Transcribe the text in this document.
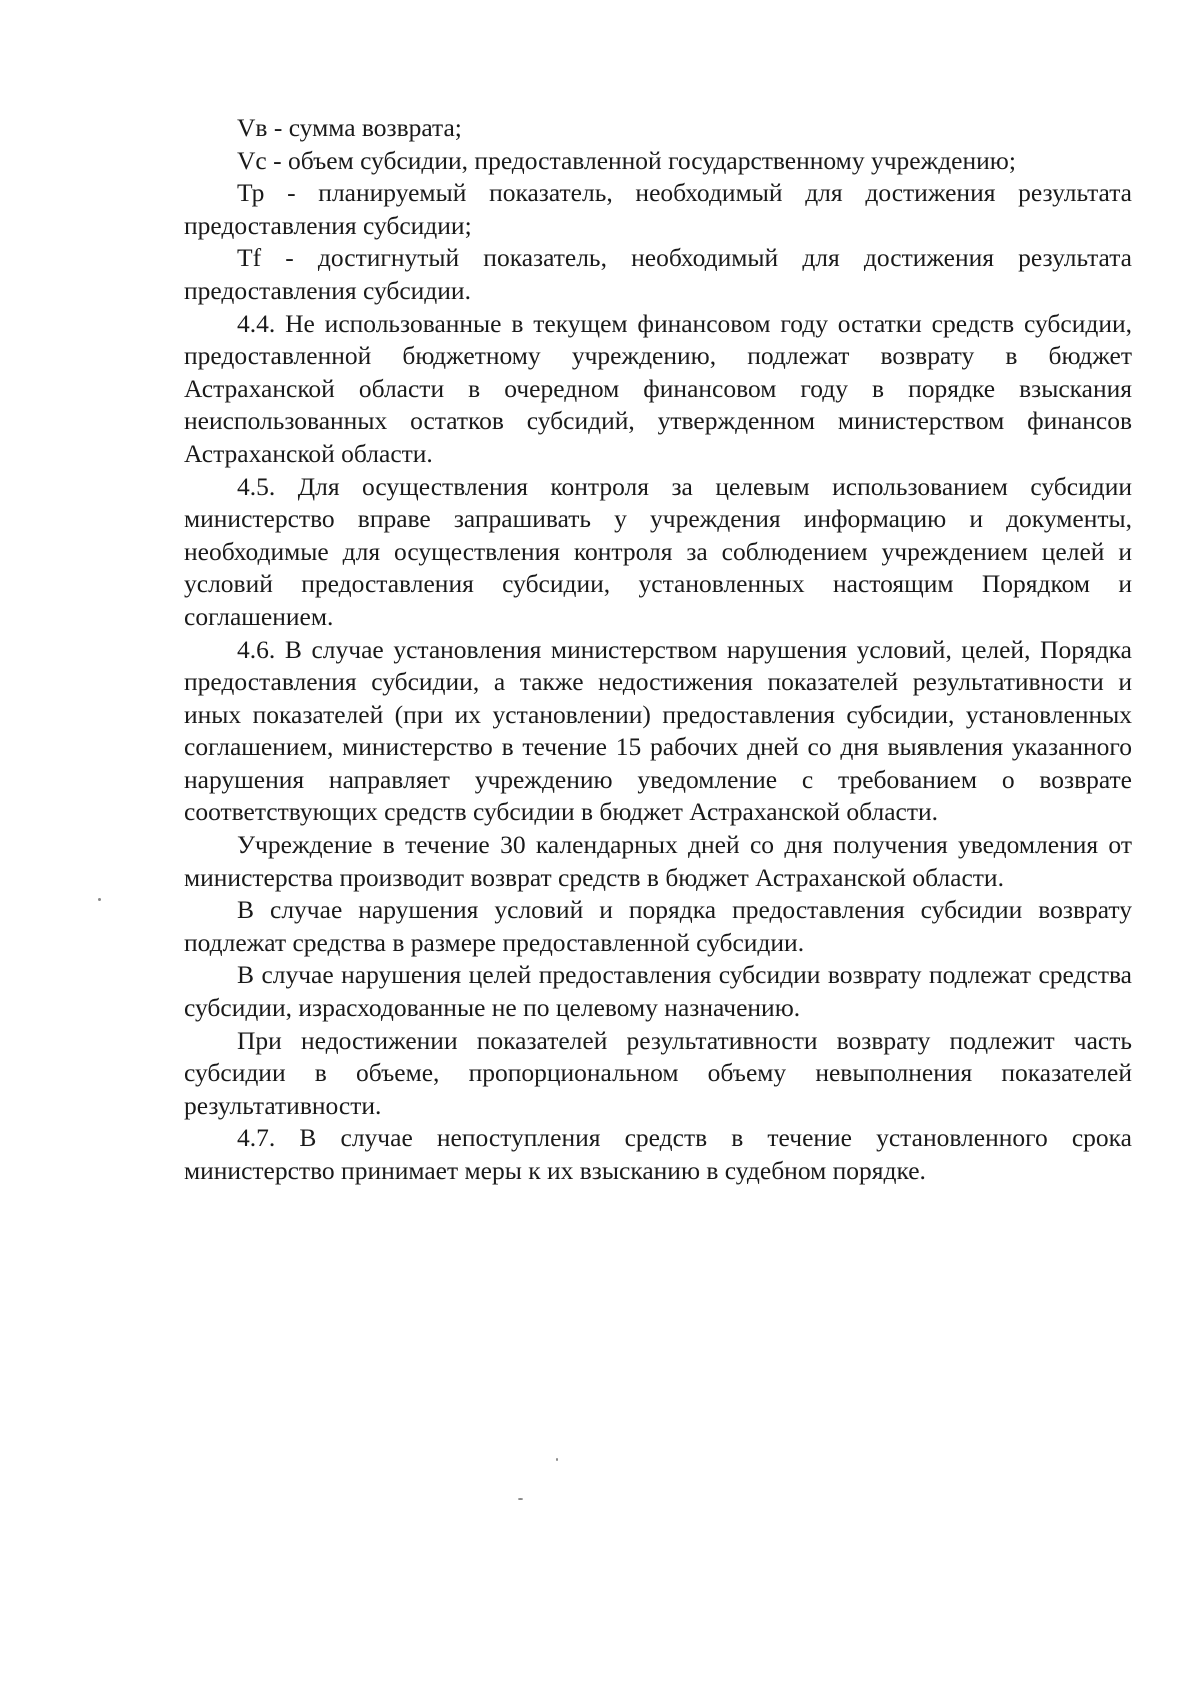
Vв - сумма возврата;

Vc - объем субсидии, предоставленной государственному учреждению;

Тр - планируемый показатель, необходимый для достижения результата предоставления субсидии;

Tf - достигнутый показатель, необходимый для достижения результата предоставления субсидии.

4.4. Не использованные в текущем финансовом году остатки средств субсидии, предоставленной бюджетному учреждению, подлежат возврату в бюджет Астраханской области в очередном финансовом году в порядке взыскания неиспользованных остатков субсидий, утвержденном министерством финансов Астраханской области.

4.5. Для осуществления контроля за целевым использованием субсидии министерство вправе запрашивать у учреждения информацию и документы, необходимые для осуществления контроля за соблюдением учреждением целей и условий предоставления субсидии, установленных настоящим Порядком и соглашением.

4.6. В случае установления министерством нарушения условий, целей, Порядка предоставления субсидии, а также недостижения показателей результативности и иных показателей (при их установлении) предоставления субсидии, установленных соглашением, министерство в течение 15 рабочих дней со дня выявления указанного нарушения направляет учреждению уведомление с требованием о возврате соответствующих средств субсидии в бюджет Астраханской области.

Учреждение в течение 30 календарных дней со дня получения уведомления от министерства производит возврат средств в бюджет Астраханской области.

В случае нарушения условий и порядка предоставления субсидии возврату подлежат средства в размере предоставленной субсидии.

В случае нарушения целей предоставления субсидии возврату подлежат средства субсидии, израсходованные не по целевому назначению.

При недостижении показателей результативности возврату подлежит часть субсидии в объеме, пропорциональном объему невыполнения показателей результативности.

4.7. В случае непоступления средств в течение установленного срока министерство принимает меры к их взысканию в судебном порядке.
